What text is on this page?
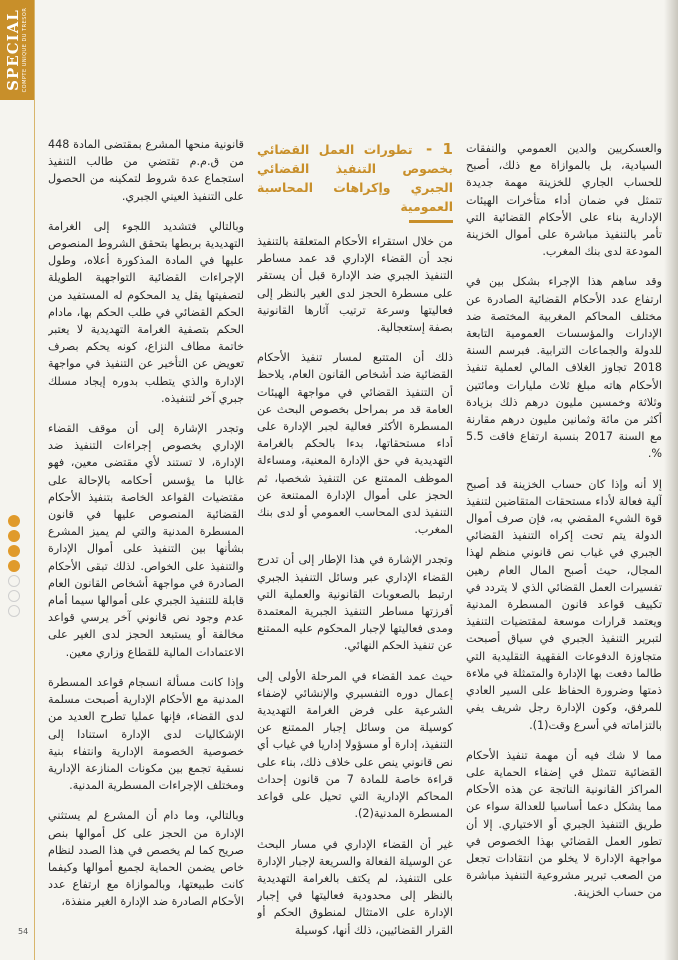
SPECIAL COMPTE UNIQUE DU TRESOR
54

قانونية منحها المشرع بمقتضى المادة 448 من ق.م.م تقتضي من طالب التنفيذ استجماع عدة شروط لتمكينه من الحصول على التنفيذ العيني الجبري.

وبالتالي فتشديد اللجوء إلى الغرامة التهديدية بربطها بتحقق الشروط المنصوص عليها في المادة المذكورة أعلاه، وطول الإجراءات القضائية التواجهية الطويلة لتصفيتها يقل يد المحكوم له المستفيد من الحكم القضائي في طلب الحكم بها، مادام الحكم بتصفية الغرامة التهديدية لا يعتبر خاتمة مطاف النزاع، كونه يحكم بصرف تعويض عن التأخير عن التنفيذ في مواجهة الإدارة والذي يتطلب بدوره إيجاد مسلك جبري آخر لتنفيذه.

وتجدر الإشارة إلى أن موقف القضاء الإداري بخصوص إجراءات التنفيذ ضد الإدارة، لا تستند لأي مقتضى معين، فهو غالبا ما يؤسس أحكامه بالإحالة على مقتضيات القواعد الخاصة بتنفيذ الأحكام القضائية المنصوص عليها في قانون المسطرة المدنية والتي لم يميز المشرع بشأنها بين التنفيذ على أموال الإدارة والتنفيذ على الخواص. لذلك تبقى الأحكام الصادرة في مواجهة أشخاص القانون العام قابلة للتنفيذ الجبري على أموالها سيما أمام عدم وجود نص قانوني آخر يرسي قواعد مخالفة أو يستبعد الحجز لدى الغير على الاعتمادات المالية للقطاع وزاري معين.

وإذا كانت مسألة انسجام قواعد المسطرة المدنية مع الأحكام الإدارية أصبحت مسلمة لدى القضاء، فإنها عمليا تطرح العديد من الإشكاليات لدى الإدارة استنادا إلى خصوصية الخصومة الإدارية وانتفاء بنية نسقية تجمع بين مكونات المنازعة الإدارية ومختلف الإجراءات المسطرية المدنية.

وبالتالي، وما دام أن المشرع لم يستثني الإدارة من الحجز على كل أموالها بنص صريح كما لم يخصص في هذا الصدد لنظام خاص يضمن الحماية لجميع أموالها وكيفما كانت طبيعتها، وبالموازاة مع ارتفاع عدد الأحكام الصادرة ضد الإدارة الغير منفذة،

1 - تطورات العمل القضائي بخصوص التنفيذ القضائي الجبري وإكراهات المحاسبة العمومية

من خلال استقراء الأحكام المتعلقة بالتنفيذ نجد أن القضاء الإداري قد عمد مساطر التنفيذ الجبري ضد الإدارة قبل أن يستقر على مسطرة الحجز لدى الغير بالنظر إلى فعاليتها وسرعة ترتيب آثارها القانونية بصفة إستعجالية.

ذلك أن المتتبع لمسار تنفيذ الأحكام القضائية ضد أشخاص القانون العام، يلاحظ أن التنفيذ القضائي في مواجهة الهيئات العامة قد مر بمراحل بخصوص البحث عن المسطرة الأكثر فعالية لجبر الإدارة على أداء مستحقاتها، بدءا بالحكم بالغرامة التهديدية في حق الإدارة المعنية، ومساءلة الموظف الممتنع عن التنفيذ شخصيا، ثم الحجز على أموال الإدارة الممتنعة عن التنفيذ لدى المحاسب العمومي أو لدى بنك المغرب.

وتجدر الإشارة في هذا الإطار إلى أن تدرج القضاء الإداري عبر وسائل التنفيذ الجبري ارتبط بالصعوبات القانونية والعملية التي أفرزتها مساطر التنفيذ الجبرية المعتمدة ومدى فعاليتها لإجبار المحكوم عليه الممتنع عن تنفيذ الحكم النهائي.

حيث عمد القضاء في المرحلة الأولى إلى إعمال دوره التفسيري والإنشائي لإضفاء الشرعية على فرض الغرامة التهديدية كوسيلة من وسائل إجبار الممتنع عن التنفيذ، إدارة أو مسؤولا إداريا في غياب أي نص قانوني ينص على خلاف ذلك، بناء على قراءة خاصة للمادة 7 من قانون إحداث المحاكم الإدارية التي تحيل على قواعد المسطرة المدنية(2).

غير أن القضاء الإداري في مسار البحث عن الوسيلة الفعالة والسريعة لإجبار الإدارة على التنفيذ، لم يكتف بالغرامة التهديدية بالنظر إلى محدودية فعاليتها في إجبار الإدارة على الامتثال لمنطوق الحكم أو القرار القضائيين، ذلك أنها، كوسيلة

والعسكريين والدين العمومي والنفقات السيادية، بل بالموازاة مع ذلك، أصبح للحساب الجاري للخزينة مهمة جديدة تتمثل في ضمان أداء متأخرات الهيئات الإدارية بناء على الأحكام القضائية التي تأمر بالتنفيذ مباشرة على أموال الخزينة المودعة لدى بنك المغرب.

وقد ساهم هذا الإجراء بشكل بين في ارتفاع عدد الأحكام القضائية الصادرة عن مختلف المحاكم المغربية المختصة ضد الإدارات والمؤسسات العمومية التابعة للدولة والجماعات الترابية. فبرسم السنة 2018 تجاوز الغلاف المالي لعملية تنفيذ الأحكام هاته مبلغ ثلاث مليارات ومائتين وثلاثة وخمسين مليون درهم ذلك بزيادة أكثر من مائة وثمانين مليون درهم مقارنة مع السنة 2017 بنسبة ارتفاع فاقت 5.5 %.

إلا أنه وإذا كان حساب الخزينة قد أصبح آلية فعالة لأداء مستحقات المتقاضين لتنفيذ قوة الشيء المقضي به، فإن صرف أموال الدولة يتم تحت إكراه التنفيذ القضائي الجبري في غياب نص قانوني منظم لهذا المجال، حيث أصبح المال العام رهين تفسيرات العمل القضائي الذي لا يتردد في تكييف قواعد قانون المسطرة المدنية ويعتمد قرارات موسعة لمقتضيات التنفيذ لتبرير التنفيذ الجبري في سياق أصبحت متجاوزة الدفوعات الفقهية التقليدية التي طالما دفعت بها الإدارة والمتمثلة في ملاءة ذمتها وضرورة الحفاظ على السير العادي للمرفق، وكون الإدارة رجل شريف يفي بالتزاماته في أسرع وقت(1).

مما لا شك فيه أن مهمة تنفيذ الأحكام القضائية تتمثل في إضفاء الحماية على المراكز القانونية الناتجة عن هذه الأحكام مما يشكل دعما أساسيا للعدالة سواء عن طريق التنفيذ الجبري أو الاختياري. إلا أن تطور العمل القضائي بهذا الخصوص في مواجهة الإدارة لا يخلو من انتقادات تجعل من الصعب تبرير مشروعية التنفيذ مباشرة من حساب الخزينة.
